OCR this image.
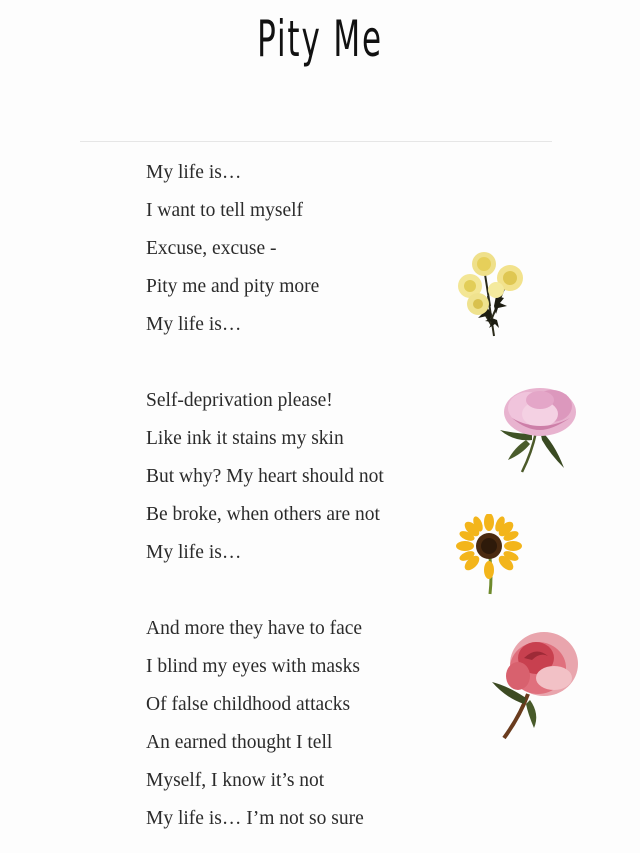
Pity Me
My life is…
I want to tell myself
Excuse, excuse -
Pity me and pity more
My life is…
Self-deprivation please!
Like ink it stains my skin
But why? My heart should not
Be broke, when others are not
My life is…
And more they have to face
I blind my eyes with masks
Of false childhood attacks
An earned thought I tell
Myself, I know it’s not
My life is… I’m not so sure
